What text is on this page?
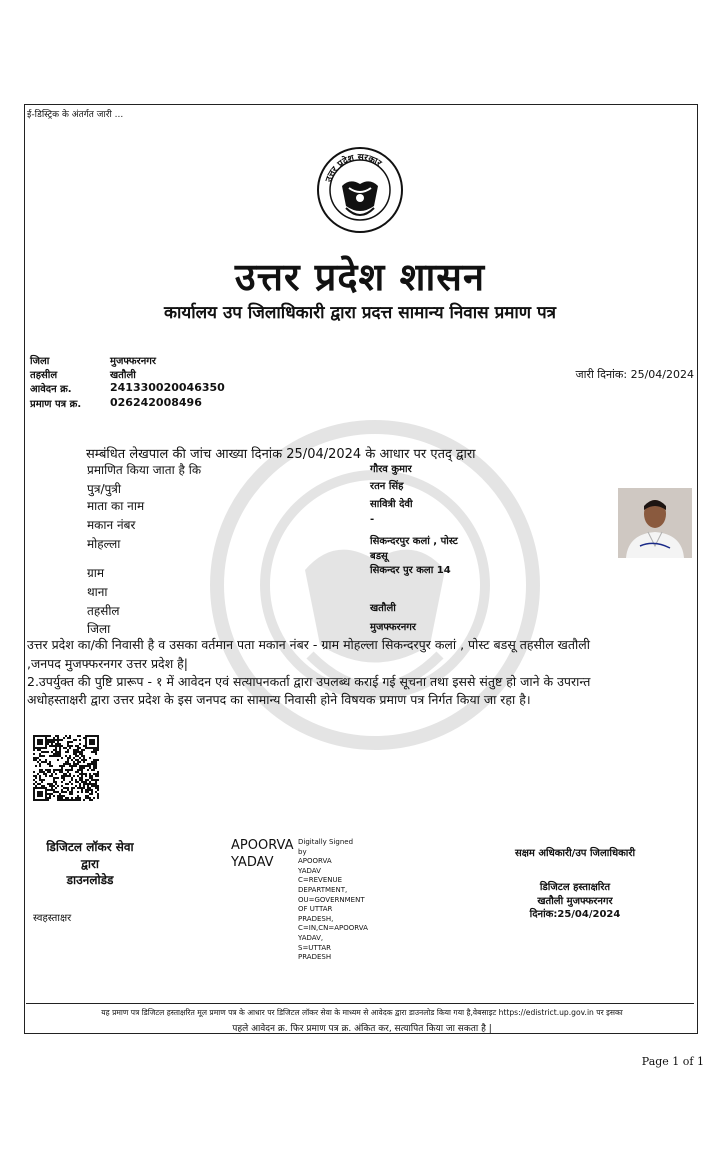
ई-डिस्ट्रिक के अंतर्गत जारी ...
उत्तर प्रदेश सरकार
उत्तर प्रदेश शासन
कार्यालय उप जिलाधिकारी द्वारा प्रदत्त सामान्य निवास प्रमाण पत्र
जिला	मुजफ्फरनगर
तहसील	खतौली
आवेदन क्र.	241330020046350
प्रमाण पत्र क्र.	026242008496
जारी दिनांक: 25/04/2024
सम्बंधित लेखपाल की जांच आख्या दिनांक 25/04/2024 के आधार पर एतद् द्वारा
प्रमाणित किया जाता है कि	गौरव कुमार
पुत्र/पुत्री	रतन सिंह
माता का नाम	सावित्री देवी
मकान नंबर	-
मोहल्ला	सिकन्दरपुर कलां , पोस्ट
बडसू
ग्राम	सिकन्दर पुर कला 14
थाना
तहसील	खतौली
जिला	मुजफ्फरनगर
उत्तर प्रदेश का/की निवासी है व उसका वर्तमान पता मकान नंबर - ग्राम मोहल्ला सिकन्दरपुर कलां , पोस्ट बडसू तहसील खतौली
,जनपद मुजफ्फरनगर उत्तर प्रदेश है|
2.उपर्युक्त की पुष्टि प्रारूप - १ में आवेदन एवं सत्यापनकर्ता द्वारा उपलब्ध कराई गई सूचना तथा इससे संतुष्ट हो जाने के उपरान्त
अधोहस्ताक्षरी द्वारा उत्तर प्रदेश के इस जनपद का सामान्य निवासी होने विषयक प्रमाण पत्र निर्गत किया जा रहा है।
डिजिटल लॉकर सेवा
द्वारा
डाउनलोडेड
स्वहस्ताक्षर
APOORVA
YADAV
Digitally Signed
by
APOORVA
YADAV
C=REVENUE
DEPARTMENT,
OU=GOVERNMENT
OF UTTAR
PRADESH,
C=IN,CN=APOORVA
YADAV,
S=UTTAR
PRADESH
सक्षम अधिकारी/उप जिलाधिकारी
डिजिटल हस्ताक्षरित
खतौली मुजफ्फरनगर
दिनांक:25/04/2024
यह प्रमाण पत्र डिजिटल हस्ताक्षरित मूल प्रमाण पत्र के आधार पर डिजिटल लॉकर सेवा के माध्यम से आवेदक द्वारा डाउनलोड किया गया है,वेबसाइट https://edistrict.up.gov.in पर इसका
पहले आवेदन क्र. फिर प्रमाण पत्र क्र. अंकित कर, सत्यापित किया जा सकता है |
Page 1 of 1
